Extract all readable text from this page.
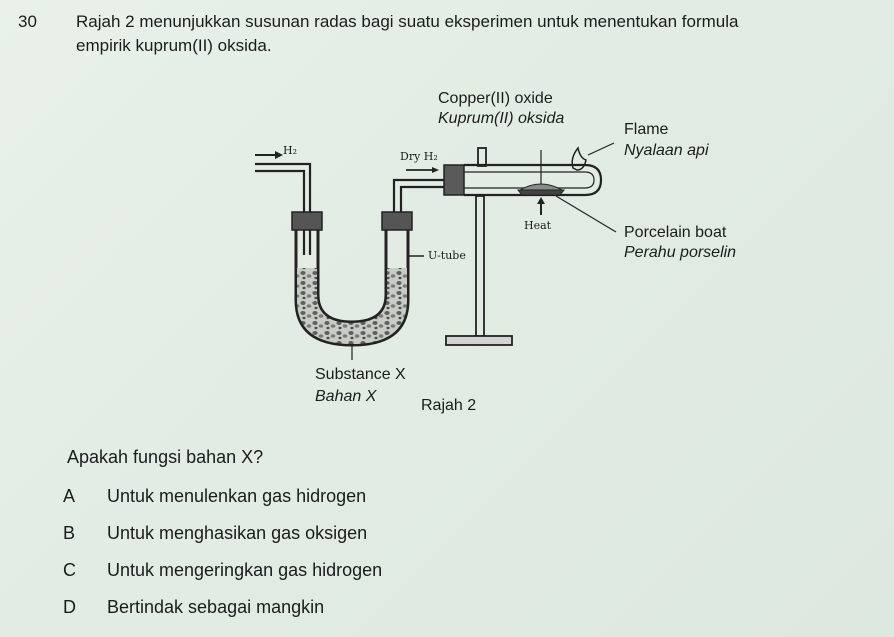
30 Rajah 2 menunjukkan susunan radas bagi suatu eksperimen untuk menentukan formula
empirik kuprum(II) oksida.
Copper(II) oxide
Kuprum(II) oksida
Flame
Nyalaan api
Porcelain boat
Perahu porselin
H₂	Dry H₂
Heat
U-tube
Substance X
Bahan X
Rajah 2
Apakah fungsi bahan X?
A Untuk menulenkan gas hidrogen
B Untuk menghasikan gas oksigen
C Untuk mengeringkan gas hidrogen
D Bertindak sebagai mangkin
